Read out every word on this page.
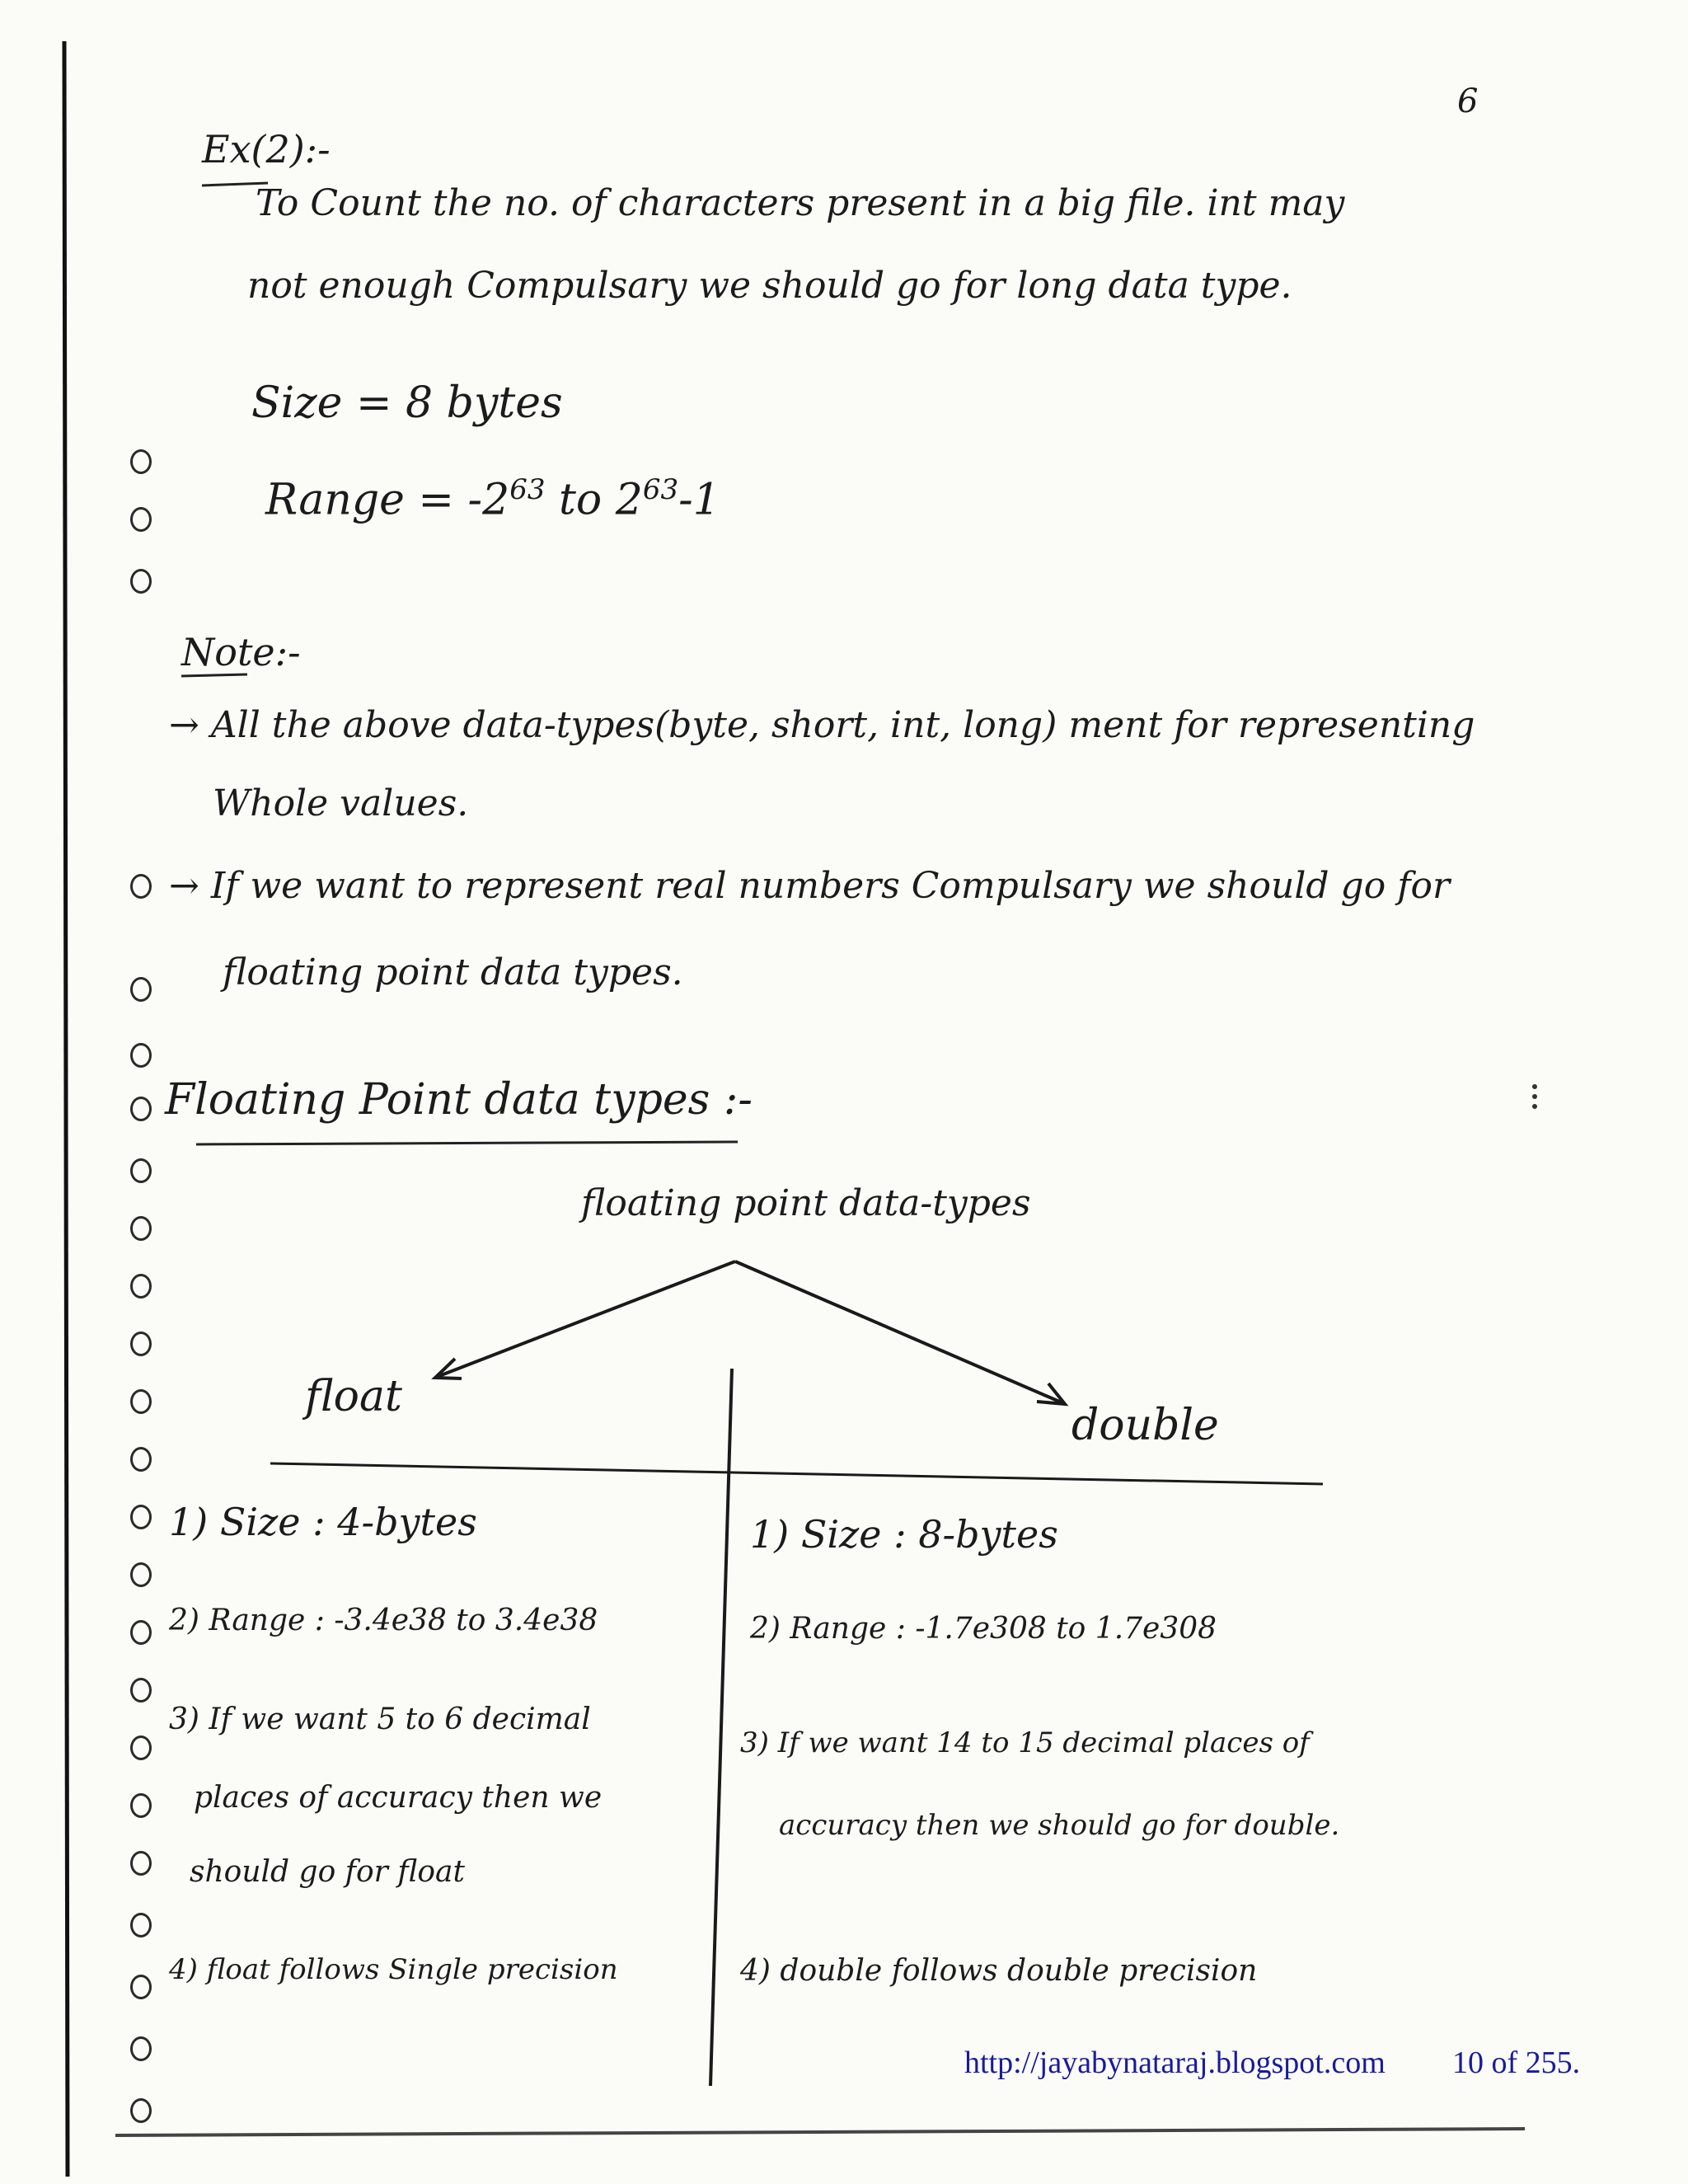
6
Ex(2):-
To Count the no. of characters present in a big file. int may
not enough Compulsary we should go for long data type.
Size = 8 bytes
Range = $-2^{63}$ to $2^{63}-1$
Note:-
→ All the above data-types(byte, short, int, long) ment for representing
Whole values.
→ If we want to represent real numbers Compulsary we should go for
floating point data types.
Floating Point data types :-
floating point data-types
float
double
1) Size : 4-bytes
2) Range : -3.4e38 to 3.4e38
3) If we want 5 to 6 decimal
places of accuracy then we
should go for float
4) float follows Single precision
1) Size : 8-bytes
2) Range : -1.7e308 to 1.7e308
3) If we want 14 to 15 decimal places of
accuracy then we should go for double.
4) double follows double precision
http://jayabynataraj.blogspot.com 10 of 255.
